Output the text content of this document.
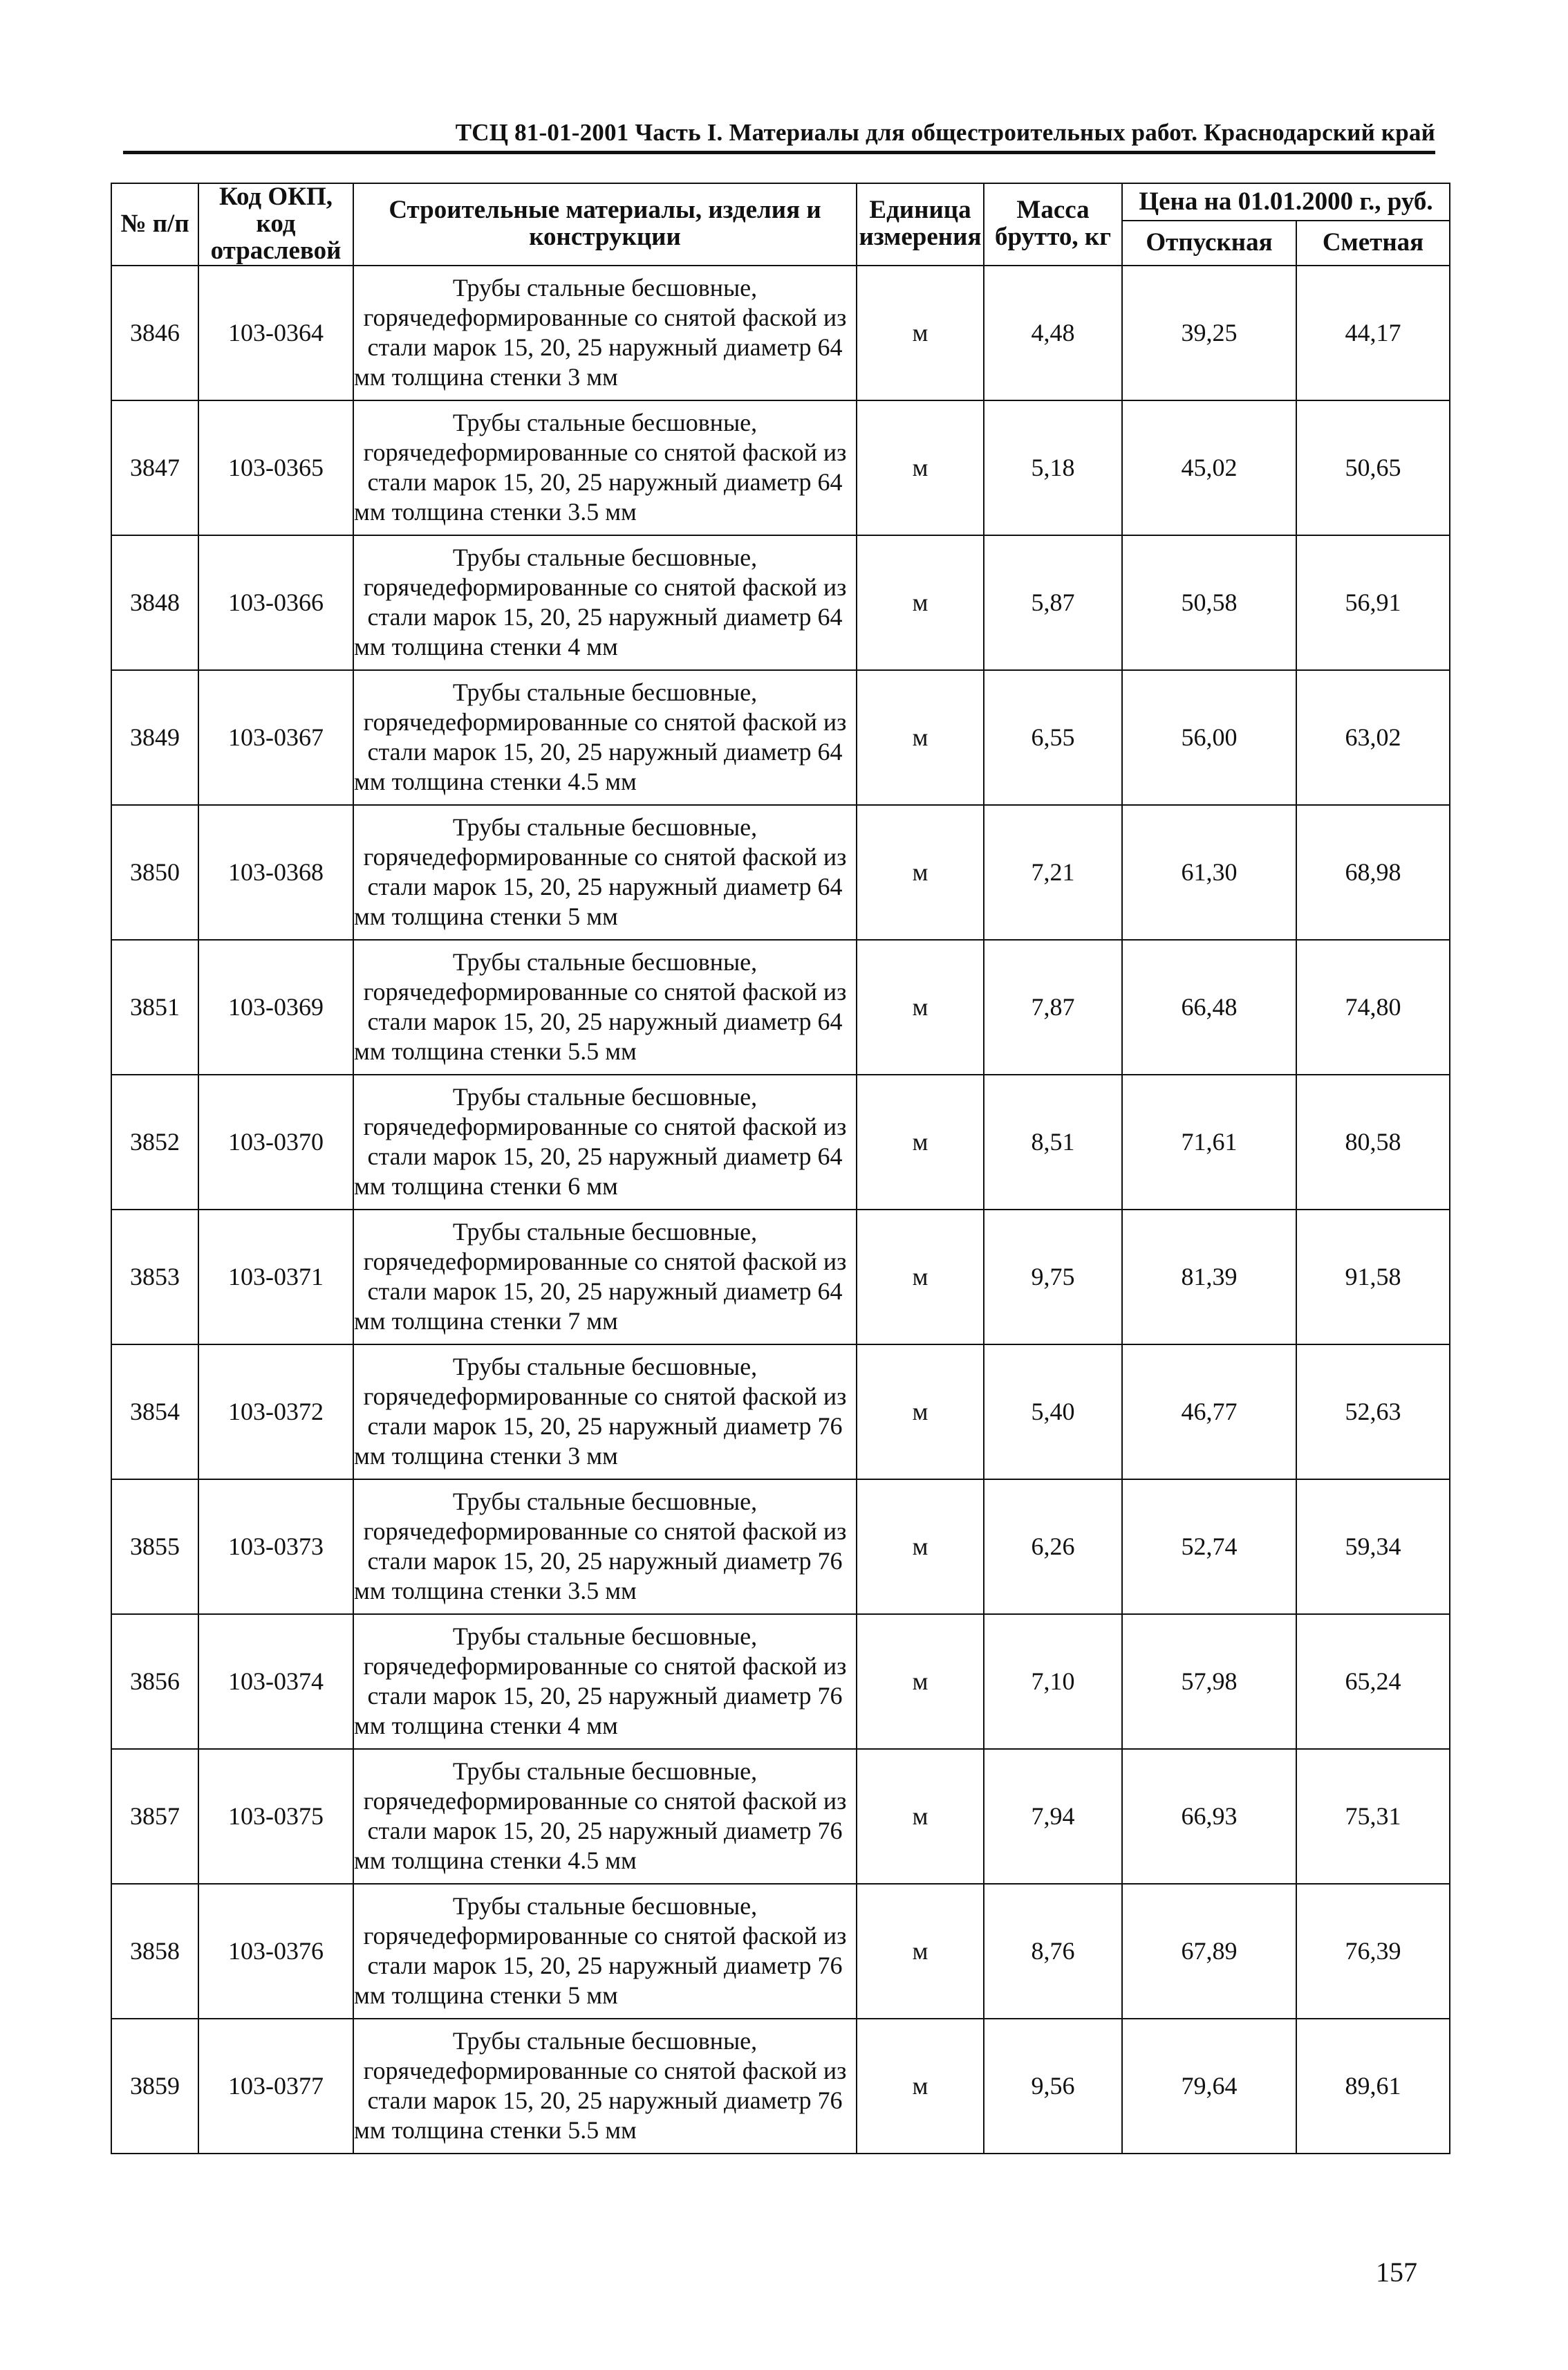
ТСЦ 81-01-2001 Часть I. Материалы для общестроительных работ. Краснодарский край
№ п/п	Код ОКП, код отраслевой	Строительные материалы, изделия и конструкции	Единица измерения	Масса брутто, кг	Цена на 01.01.2000 г., руб.	
					Отпускная	Сметная
3846	103-0364	Трубы стальные бесшовные, горячедеформированные со снятой фаской из стали марок 15, 20, 25 наружный диаметр 64 мм толщина стенки 3 мм	м	4,48	39,25	44,17
3847	103-0365	Трубы стальные бесшовные, горячедеформированные со снятой фаской из стали марок 15, 20, 25 наружный диаметр 64 мм толщина стенки 3.5 мм	м	5,18	45,02	50,65
3848	103-0366	Трубы стальные бесшовные, горячедеформированные со снятой фаской из стали марок 15, 20, 25 наружный диаметр 64 мм толщина стенки 4 мм	м	5,87	50,58	56,91
3849	103-0367	Трубы стальные бесшовные, горячедеформированные со снятой фаской из стали марок 15, 20, 25 наружный диаметр 64 мм толщина стенки 4.5 мм	м	6,55	56,00	63,02
3850	103-0368	Трубы стальные бесшовные, горячедеформированные со снятой фаской из стали марок 15, 20, 25 наружный диаметр 64 мм толщина стенки 5 мм	м	7,21	61,30	68,98
3851	103-0369	Трубы стальные бесшовные, горячедеформированные со снятой фаской из стали марок 15, 20, 25 наружный диаметр 64 мм толщина стенки 5.5 мм	м	7,87	66,48	74,80
3852	103-0370	Трубы стальные бесшовные, горячедеформированные со снятой фаской из стали марок 15, 20, 25 наружный диаметр 64 мм толщина стенки 6 мм	м	8,51	71,61	80,58
3853	103-0371	Трубы стальные бесшовные, горячедеформированные со снятой фаской из стали марок 15, 20, 25 наружный диаметр 64 мм толщина стенки 7 мм	м	9,75	81,39	91,58
3854	103-0372	Трубы стальные бесшовные, горячедеформированные со снятой фаской из стали марок 15, 20, 25 наружный диаметр 76 мм толщина стенки 3 мм	м	5,40	46,77	52,63
3855	103-0373	Трубы стальные бесшовные, горячедеформированные со снятой фаской из стали марок 15, 20, 25 наружный диаметр 76 мм толщина стенки 3.5 мм	м	6,26	52,74	59,34
3856	103-0374	Трубы стальные бесшовные, горячедеформированные со снятой фаской из стали марок 15, 20, 25 наружный диаметр 76 мм толщина стенки 4 мм	м	7,10	57,98	65,24
3857	103-0375	Трубы стальные бесшовные, горячедеформированные со снятой фаской из стали марок 15, 20, 25 наружный диаметр 76 мм толщина стенки 4.5 мм	м	7,94	66,93	75,31
3858	103-0376	Трубы стальные бесшовные, горячедеформированные со снятой фаской из стали марок 15, 20, 25 наружный диаметр 76 мм толщина стенки 5 мм	м	8,76	67,89	76,39
3859	103-0377	Трубы стальные бесшовные, горячедеформированные со снятой фаской из стали марок 15, 20, 25 наружный диаметр 76 мм толщина стенки 5.5 мм	м	9,56	79,64	89,61
157
